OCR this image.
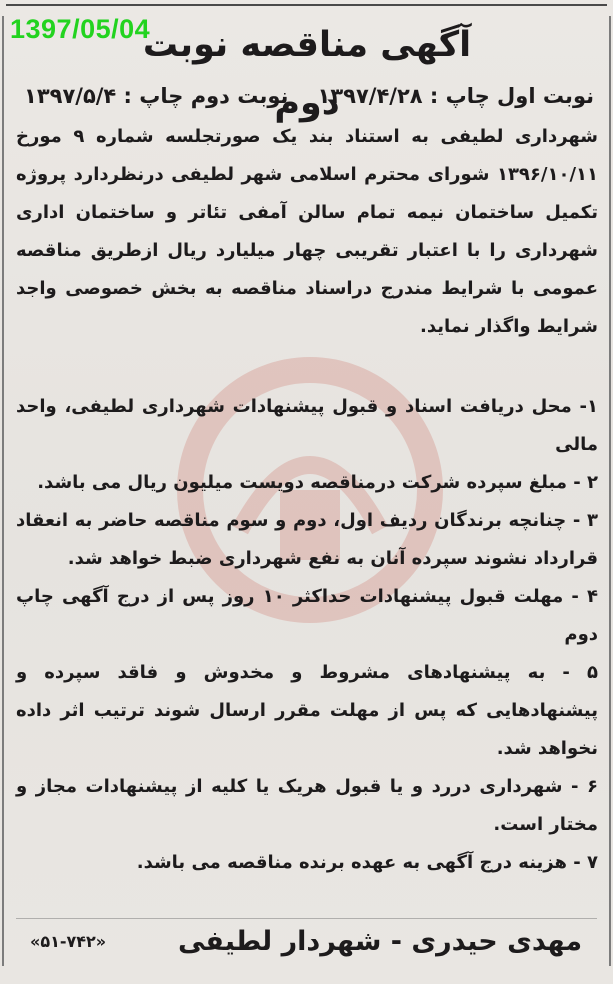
1397/05/04
آگهی مناقصه نوبت دوم
نوبت اول چاپ : ۱۳۹۷/۴/۲۸
نوبت دوم چاپ : ۱۳۹۷/۵/۴

شهرداری لطیفی به استناد بند یک صورتجلسه شماره ۹ مورخ ۱۳۹۶/۱۰/۱۱ شورای محترم اسلامی شهر لطیفی درنظردارد پروژه تکمیل ساختمان نیمه تمام سالن آمفی تئاتر و ساختمان اداری شهرداری را با اعتبار تقریبی چهار میلیارد ریال ازطریق مناقصه عمومی با شرایط مندرج دراسناد مناقصه به بخش خصوصی واجد شرایط واگذار نماید.

۱- محل دریافت اسناد و قبول پیشنهادات شهرداری لطیفی، واحد مالی

۲ - مبلغ سپرده شرکت درمناقصه دویست میلیون ریال می باشد.

۳ - چنانچه برندگان ردیف اول، دوم و سوم مناقصه حاضر به انعقاد قرارداد نشوند سپرده آنان به نفع شهرداری ضبط خواهد شد.

۴ - مهلت قبول پیشنهادات حداکثر ۱۰ روز پس از درج آگهی چاپ دوم

۵ - به پیشنهادهای مشروط و مخدوش و فاقد سپرده و پیشنهادهایی که پس از مهلت مقرر ارسال شوند ترتیب اثر داده نخواهد شد.

۶ - شهرداری دررد و یا قبول هریک یا کلیه از پیشنهادات مجاز و مختار است.

۷ - هزینه درج آگهی به عهده برنده مناقصه می باشد.

مهدی حیدری - شهردار لطیفی
«۵۱-۷۴۲»
